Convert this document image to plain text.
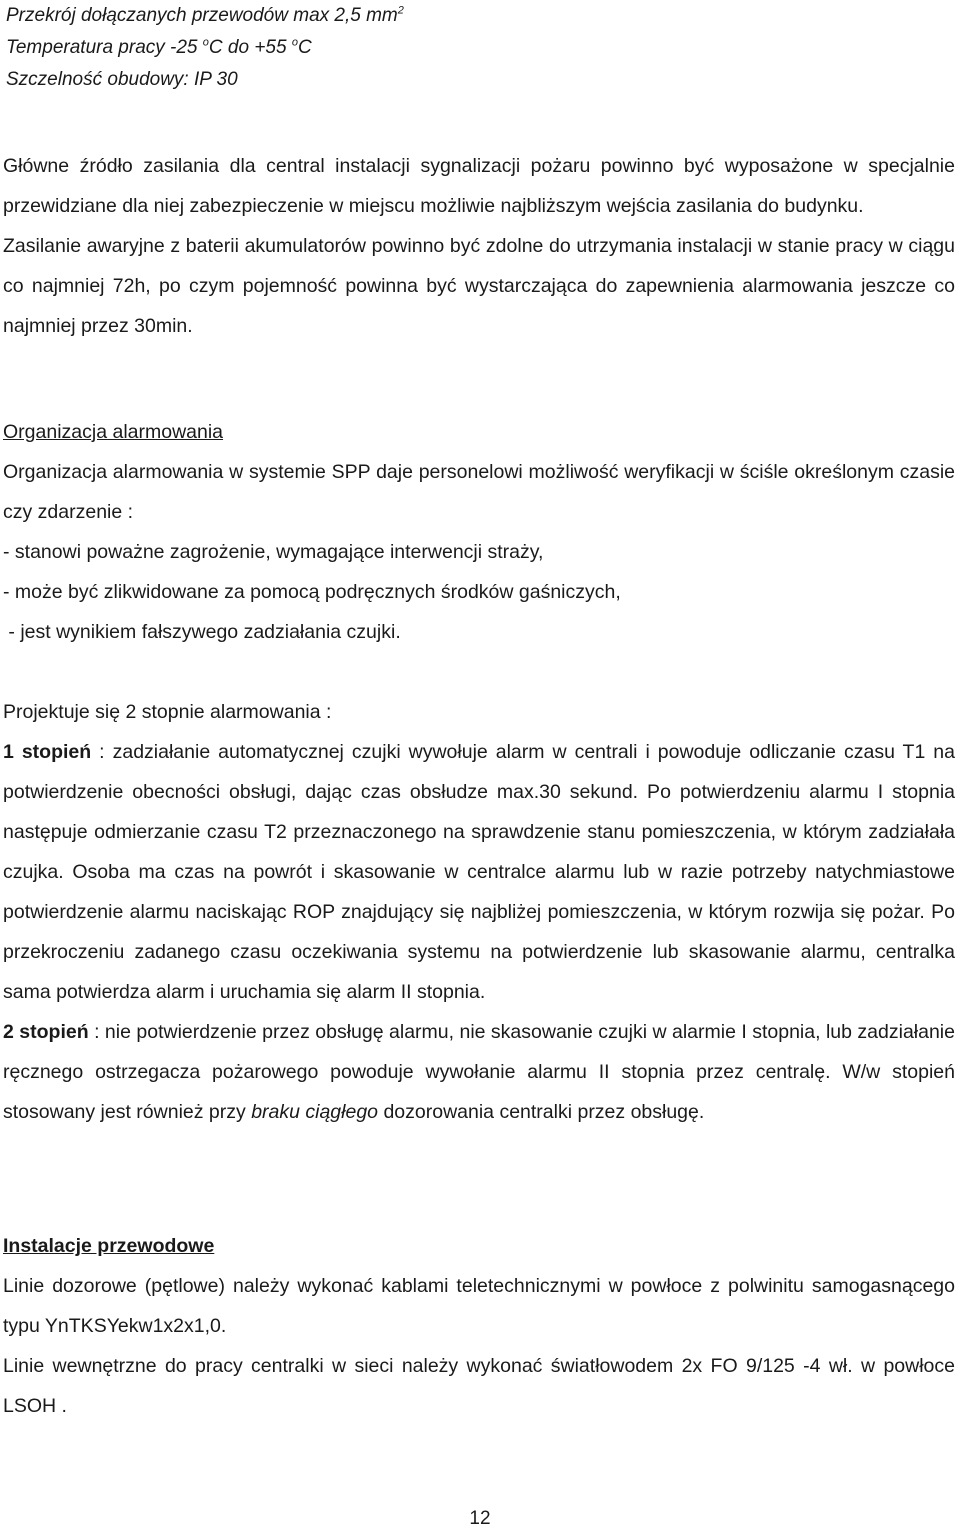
Przekrój dołączanych przewodów max 2,5 $mm^2$

Temperatura pracy -25 $^o$C do +55 $^o$C

Szczelność obudowy: IP 30

Główne źródło zasilania dla central instalacji sygnalizacji pożaru powinno być wyposażone w specjalnie przewidziane dla niej zabezpieczenie w miejscu możliwie najbliższym wejścia zasilania do budynku.

Zasilanie awaryjne z baterii akumulatorów powinno być zdolne do utrzymania instalacji w stanie pracy w ciągu co najmniej 72h, po czym pojemność powinna być wystarczająca do zapewnienia alarmowania jeszcze co najmniej przez 30min.

Organizacja alarmowania

Organizacja alarmowania w systemie SPP daje personelowi możliwość weryfikacji w ściśle określonym czasie czy zdarzenie :

- stanowi poważne zagrożenie, wymagające interwencji straży,
- może być zlikwidowane za pomocą podręcznych środków gaśniczych,
- jest wynikiem fałszywego zadziałania czujki.

Projektuje się 2 stopnie alarmowania :

1 stopień : zadziałanie automatycznej czujki wywołuje alarm w centrali i powoduje odliczanie czasu T1 na potwierdzenie obecności obsługi, dając czas obsłudze max.30 sekund. Po potwierdzeniu alarmu I stopnia następuje odmierzanie czasu T2 przeznaczonego na sprawdzenie stanu pomieszczenia, w którym zadziałała czujka. Osoba ma czas na powrót i skasowanie w centralce alarmu lub w razie potrzeby natychmiastowe potwierdzenie alarmu naciskając ROP znajdujący się najbliżej pomieszczenia, w którym rozwija się pożar. Po przekroczeniu zadanego czasu oczekiwania systemu na potwierdzenie lub skasowanie alarmu, centralka sama potwierdza alarm i uruchamia się alarm II stopnia.

2 stopień : nie potwierdzenie przez obsługę alarmu, nie skasowanie czujki w alarmie I stopnia, lub zadziałanie ręcznego ostrzegacza pożarowego powoduje wywołanie alarmu II stopnia przez centralę. W/w stopień stosowany jest również przy braku ciągłego dozorowania centralki przez obsługę.

Instalacje przewodowe

Linie dozorowe (pętlowe) należy wykonać kablami teletechnicznymi w powłoce z polwinitu samogasnącego typu YnTKSYekw1x2x1,0.

Linie wewnętrzne do pracy centralki w sieci należy wykonać światłowodem 2x FO 9/125 -4 wł. w powłoce LSOH .

12
